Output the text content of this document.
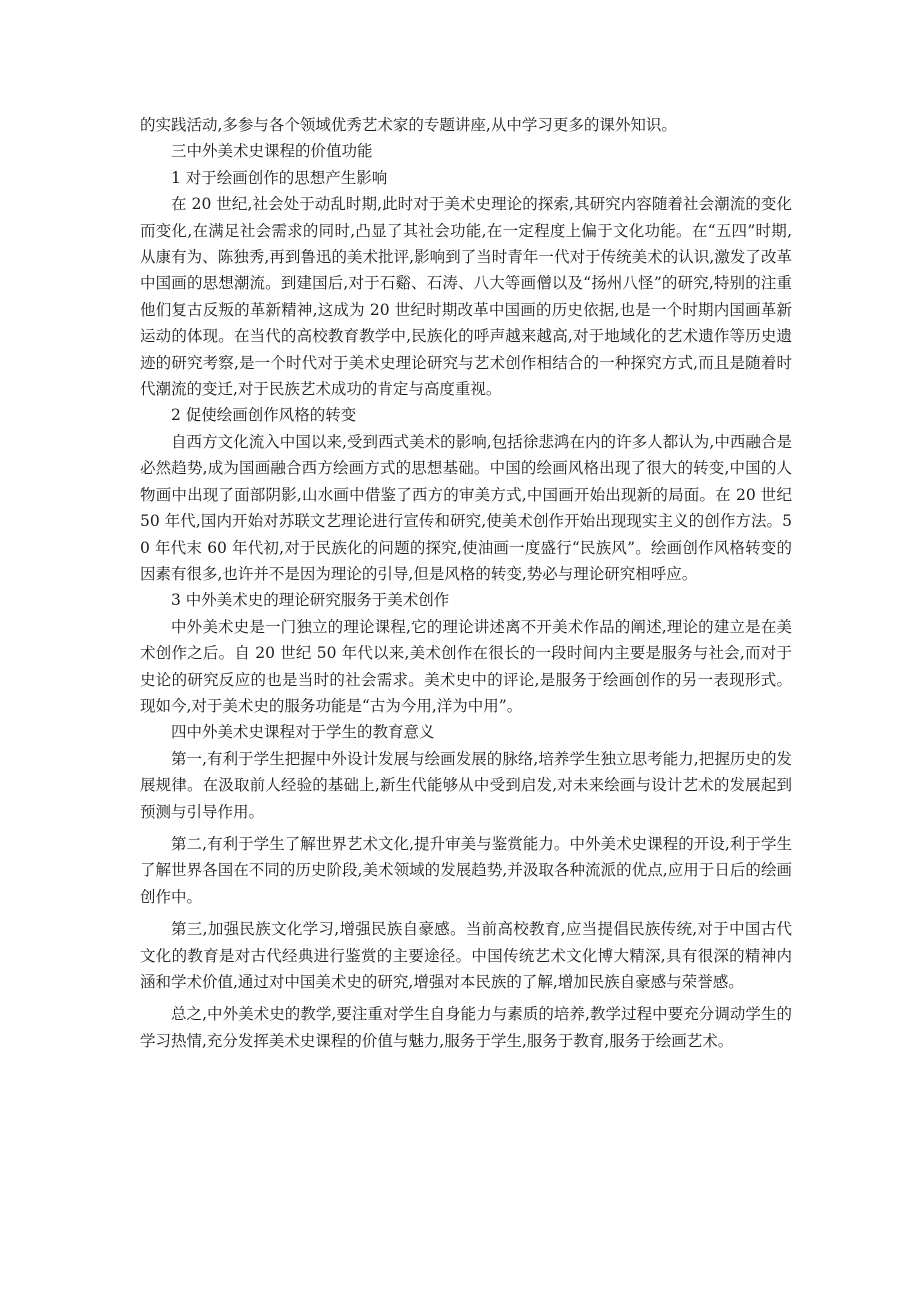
的实践活动,多参与各个领域优秀艺术家的专题讲座,从中学习更多的课外知识。

三中外美术史课程的价值功能

1 对于绘画创作的思想产生影响

在 20 世纪,社会处于动乱时期,此时对于美术史理论的探索,其研究内容随着社会潮流的变化而变化,在满足社会需求的同时,凸显了其社会功能,在一定程度上偏于文化功能。在“五四”时期,从康有为、陈独秀,再到鲁迅的美术批评,影响到了当时青年一代对于传统美术的认识,激发了改革中国画的思想潮流。到建国后,对于石谿、石涛、八大等画僧以及“扬州八怪”的研究,特别的注重他们复古反叛的革新精神,这成为 20 世纪时期改革中国画的历史依据,也是一个时期内国画革新运动的体现。在当代的高校教育教学中,民族化的呼声越来越高,对于地域化的艺术遗作等历史遗迹的研究考察,是一个时代对于美术史理论研究与艺术创作相结合的一种探究方式,而且是随着时代潮流的变迁,对于民族艺术成功的肯定与高度重视。

2 促使绘画创作风格的转变

自西方文化流入中国以来,受到西式美术的影响,包括徐悲鸿在内的许多人都认为,中西融合是必然趋势,成为国画融合西方绘画方式的思想基础。中国的绘画风格出现了很大的转变,中国的人物画中出现了面部阴影,山水画中借鉴了西方的审美方式,中国画开始出现新的局面。在 20 世纪 50 年代,国内开始对苏联文艺理论进行宣传和研究,使美术创作开始出现现实主义的创作方法。50 年代末 60 年代初,对于民族化的问题的探究,使油画一度盛行“民族风”。绘画创作风格转变的因素有很多,也许并不是因为理论的引导,但是风格的转变,势必与理论研究相呼应。

3 中外美术史的理论研究服务于美术创作

中外美术史是一门独立的理论课程,它的理论讲述离不开美术作品的阐述,理论的建立是在美术创作之后。自 20 世纪 50 年代以来,美术创作在很长的一段时间内主要是服务与社会,而对于史论的研究反应的也是当时的社会需求。美术史中的评论,是服务于绘画创作的另一表现形式。现如今,对于美术史的服务功能是“古为今用,洋为中用”。

四中外美术史课程对于学生的教育意义

第一,有利于学生把握中外设计发展与绘画发展的脉络,培养学生独立思考能力,把握历史的发展规律。在汲取前人经验的基础上,新生代能够从中受到启发,对未来绘画与设计艺术的发展起到预测与引导作用。

第二,有利于学生了解世界艺术文化,提升审美与鉴赏能力。中外美术史课程的开设,利于学生了解世界各国在不同的历史阶段,美术领域的发展趋势,并汲取各种流派的优点,应用于日后的绘画创作中。

第三,加强民族文化学习,增强民族自豪感。当前高校教育,应当提倡民族传统,对于中国古代文化的教育是对古代经典进行鉴赏的主要途径。中国传统艺术文化博大精深,具有很深的精神内涵和学术价值,通过对中国美术史的研究,增强对本民族的了解,增加民族自豪感与荣誉感。

总之,中外美术史的教学,要注重对学生自身能力与素质的培养,教学过程中要充分调动学生的学习热情,充分发挥美术史课程的价值与魅力,服务于学生,服务于教育,服务于绘画艺术。
